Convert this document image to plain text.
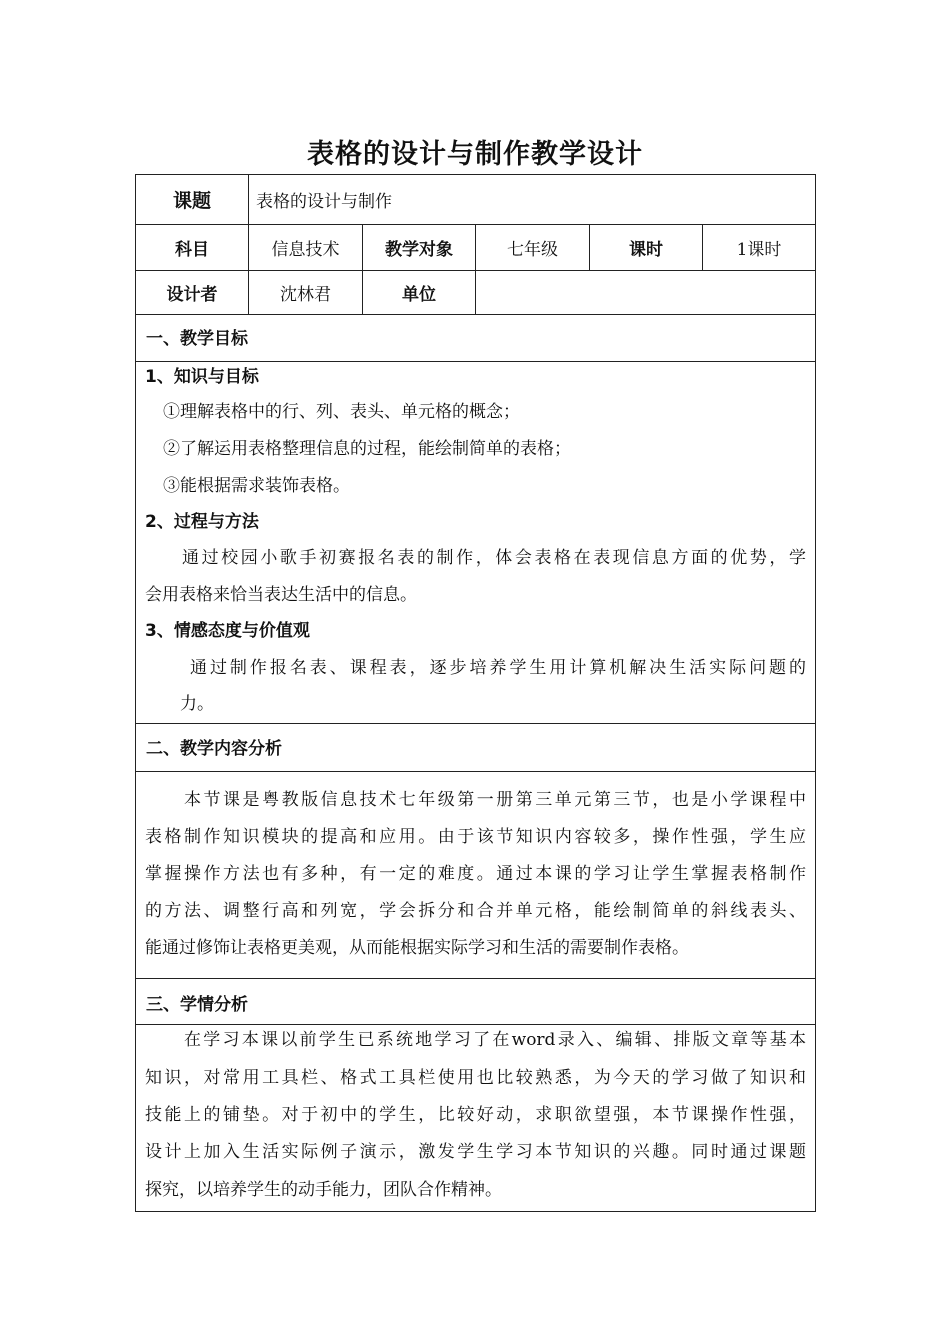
表格的设计与制作教学设计
课题	表格的设计与制作
科目	信息技术	教学对象	七年级	课时	1课时
设计者	沈林君	单位
一、教学目标
1、知识与目标
①理解表格中的行、列、表头、单元格的概念；
②了解运用表格整理信息的过程，能绘制简单的表格；
③能根据需求装饰表格。
2、过程与方法
通过校园小歌手初赛报名表的制作，体会表格在表现信息方面的优势，学
会用表格来恰当表达生活中的信息。
3、情感态度与价值观
通过制作报名表、课程表，逐步培养学生用计算机解决生活实际问题的
力。
二、教学内容分析
本节课是粤教版信息技术七年级第一册第三单元第三节，也是小学课程中
表格制作知识模块的提高和应用。由于该节知识内容较多，操作性强，学生应
掌握操作方法也有多种，有一定的难度。通过本课的学习让学生掌握表格制作
的方法、调整行高和列宽，学会拆分和合并单元格，能绘制简单的斜线表头、
能通过修饰让表格更美观，从而能根据实际学习和生活的需要制作表格。
三、学情分析
在学习本课以前学生已系统地学习了在word录入、编辑、排版文章等基本
知识，对常用工具栏、格式工具栏使用也比较熟悉，为今天的学习做了知识和
技能上的铺垫。对于初中的学生，比较好动，求职欲望强，本节课操作性强，
设计上加入生活实际例子演示，激发学生学习本节知识的兴趣。同时通过课题
探究，以培养学生的动手能力，团队合作精神。
